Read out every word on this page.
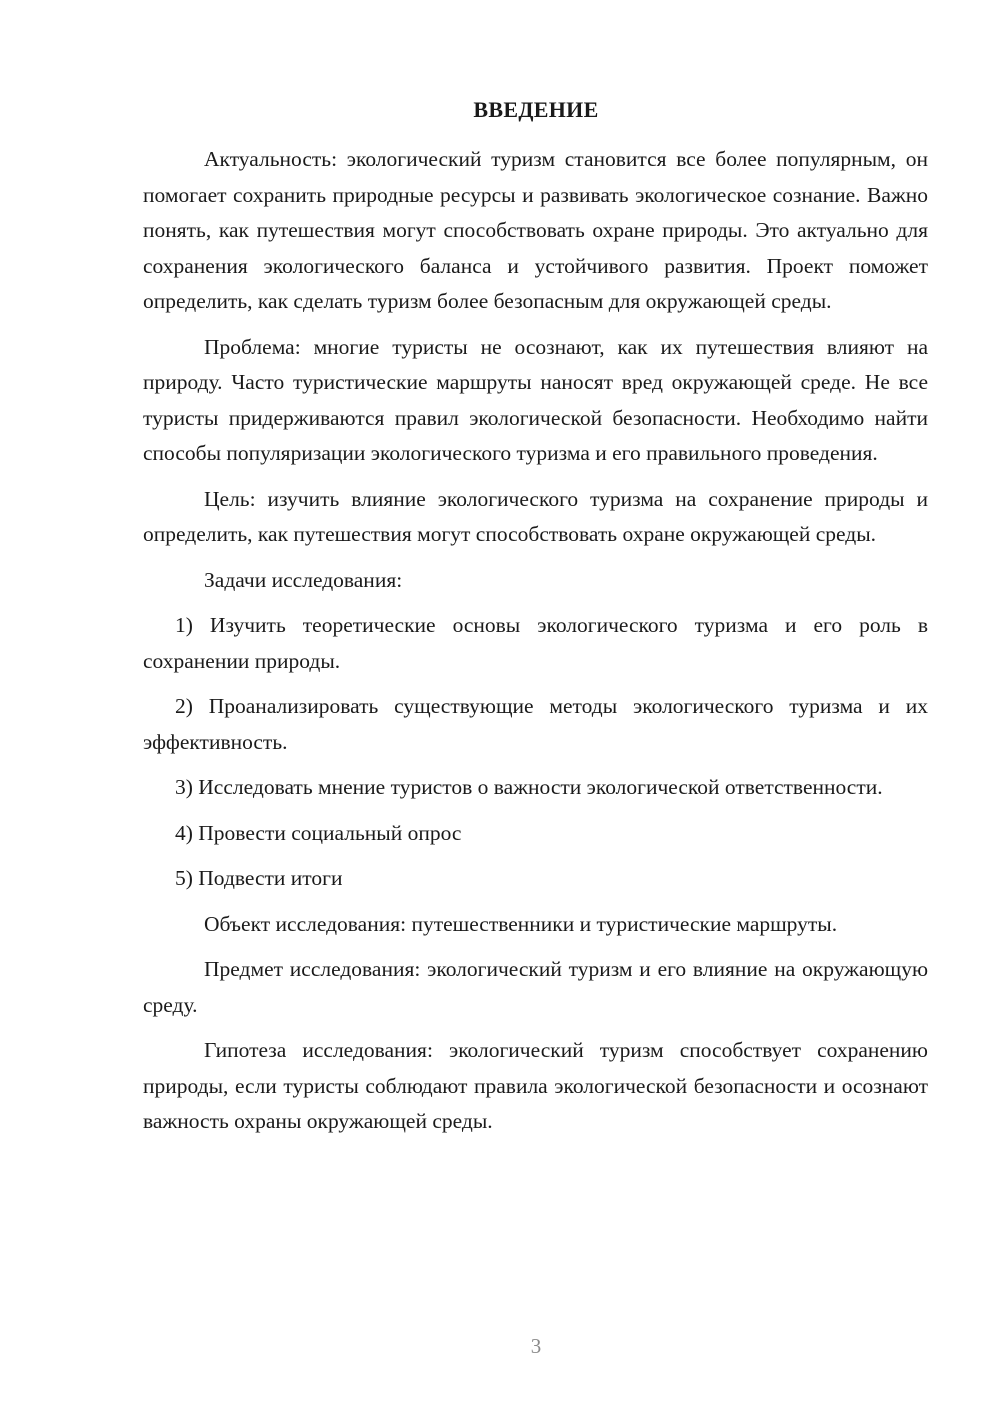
ВВЕДЕНИЕ

Актуальность: экологический туризм становится все более популярным, он помогает сохранить природные ресурсы и развивать экологическое сознание. Важно понять, как путешествия могут способствовать охране природы. Это актуально для сохранения экологического баланса и устойчивого развития. Проект поможет определить, как сделать туризм более безопасным для окружающей среды.

Проблема: многие туристы не осознают, как их путешествия влияют на природу. Часто туристические маршруты наносят вред окружающей среде. Не все туристы придерживаются правил экологической безопасности. Необходимо найти способы популяризации экологического туризма и его правильного проведения.

Цель: изучить влияние экологического туризма на сохранение природы и определить, как путешествия могут способствовать охране окружающей среды.

Задачи исследования:

1) Изучить теоретические основы экологического туризма и его роль в сохранении природы.

2) Проанализировать существующие методы экологического туризма и их эффективность.

3) Исследовать мнение туристов о важности экологической ответственности.

4) Провести социальный опрос

5) Подвести итоги

Объект исследования: путешественники и туристические маршруты.

Предмет исследования: экологический туризм и его влияние на окружающую среду.

Гипотеза исследования: экологический туризм способствует сохранению природы, если туристы соблюдают правила экологической безопасности и осознают важность охраны окружающей среды.

3
